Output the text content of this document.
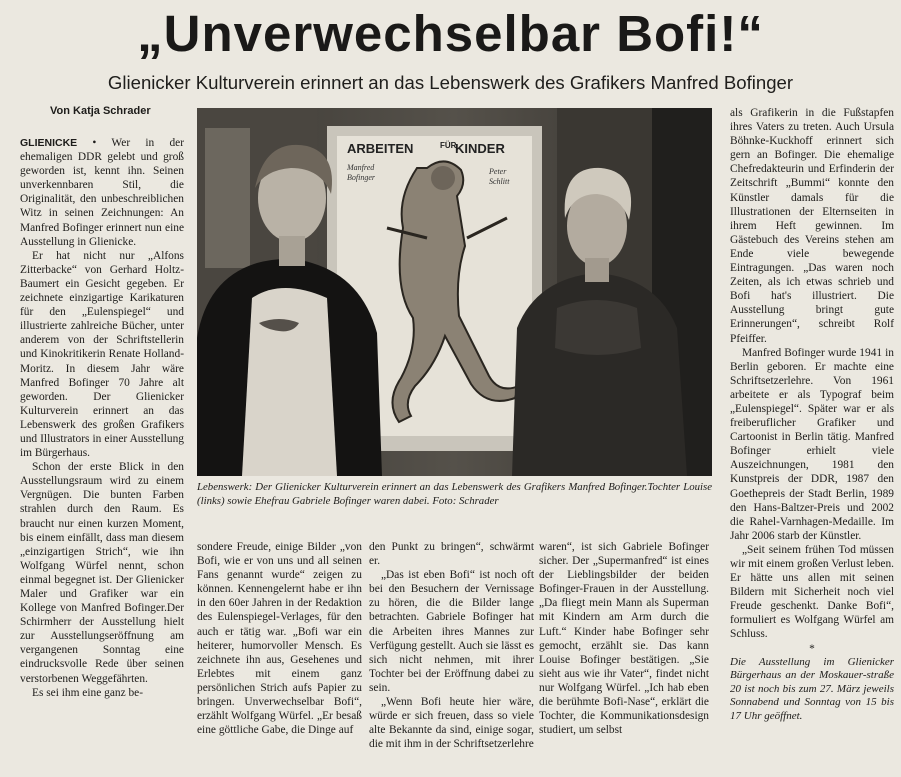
„Unverwechselbar Bofi!“
Glienicker Kulturverein erinnert an das Lebenswerk des Grafikers Manfred Bofinger
Von Katja Schrader

GLIENICKE • Wer in der ehemaligen DDR gelebt und groß geworden ist, kennt ihn. Seinen unverkennbaren Stil, die Originalität, den unbeschreiblichen Witz in seinen Zeichnungen: An Manfred Bofinger erinnert nun eine Ausstellung in Glienicke.

Er hat nicht nur „Alfons Zitterbacke“ von Gerhard Holtz-Baumert ein Gesicht gegeben. Er zeichnete einzigartige Karikaturen für den „Eulenspiegel“ und illustrierte zahlreiche Bücher, unter anderem von der Schriftstellerin und Kinokritikerin Renate Holland-Moritz. In diesem Jahr wäre Manfred Bofinger 70 Jahre alt geworden. Der Glienicker Kulturverein erinnert an das Lebenswerk des großen Grafikers und Illustrators in einer Ausstellung im Bürgerhaus.

Schon der erste Blick in den Ausstellungsraum wird zu einem Vergnügen. Die bunten Farben strahlen durch den Raum. Es braucht nur einen kurzen Moment, bis einem einfällt, dass man diesem „einzigartigen Strich“, wie ihn Wolfgang Würfel nennt, schon einmal begegnet ist. Der Glienicker Maler und Grafiker war ein Kollege von Manfred Bofinger.Der Schirmherr der Ausstellung hielt zur Ausstellungseröffnung am vergangenen Sonntag eine eindrucksvolle Rede über seinen verstorbenen Weggefährten.

Es sei ihm eine ganz be-

ARBEITEN	FÜR
KINDER
Manfred
Bofinger
Peter
Schlitt
Lebenswerk: Der Glienicker Kulturverein erinnert an das Lebenswerk des Grafikers Manfred Bofinger.Tochter Louise (links) sowie Ehefrau Gabriele Bofinger waren dabei. Foto: Schrader

sondere Freude, einige Bilder „von Bofi, wie er von uns und all seinen Fans genannt wurde“ zeigen zu können. Kennengelernt habe er ihn in den 60er Jahren in der Redaktion des Eulenspiegel-Verlages, für den auch er tätig war. „Bofi war ein heiterer, humorvoller Mensch. Es zeichnete ihn aus, Gesehenes und Erlebtes mit einem ganz persönlichen Strich aufs Papier zu bringen. Unverwechselbar Bofi“, erzählt Wolfgang Würfel. „Er besaß eine göttliche Gabe, die Dinge auf

den Punkt zu bringen“, schwärmt er.

„Das ist eben Bofi“ ist noch oft bei den Besuchern der Vernissage zu hören, die die Bilder lange betrachten. Gabriele Bofinger hat die Arbeiten ihres Mannes zur Verfügung gestellt. Auch sie lässt es sich nicht nehmen, mit ihrer Tochter bei der Eröffnung dabei zu sein.

„Wenn Bofi heute hier wäre, würde er sich freuen, dass so viele alte Bekannte da sind, einige sogar, die mit ihm in der Schriftsetzerlehre

waren“, ist sich Gabriele Bofinger sicher. Der „Supermanfred“ ist eines der Lieblingsbilder der beiden Bofinger-Frauen in der Ausstellung. „Da fliegt mein Mann als Superman mit Kindern am Arm durch die Luft.“ Kinder habe Bofinger sehr gemocht, erzählt sie. Das kann Louise Bofinger bestätigen. „Sie sieht aus wie ihr Vater“, findet nicht nur Wolfgang Würfel. „Ich hab eben die berühmte Bofi-Nase“, erklärt die Tochter, die Kommunikationsdesign studiert, um selbst

als Grafikerin in die Fußstapfen ihres Vaters zu treten. Auch Ursula Böhnke-Kuckhoff erinnert sich gern an Bofinger. Die ehemalige Chefredakteurin und Erfinderin der Zeitschrift „Bummi“ konnte den Künstler damals für die Illustrationen der Elternseiten in ihrem Heft gewinnen. Im Gästebuch des Vereins stehen am Ende viele bewegende Eintragungen. „Das waren noch Zeiten, als ich etwas schrieb und Bofi hat's illustriert. Die Ausstellung bringt gute Erinnerungen“, schreibt Rolf Pfeiffer.

Manfred Bofinger wurde 1941 in Berlin geboren. Er machte eine Schriftsetzerlehre. Von 1961 arbeitete er als Typograf beim „Eulenspiegel“. Später war er als freiberuflicher Grafiker und Cartoonist in Berlin tätig. Manfred Bofinger erhielt viele Auszeichnungen, 1981 den Kunstpreis der DDR, 1987 den Goethepreis der Stadt Berlin, 1989 den Hans-Baltzer-Preis und 2002 die Rahel-Varnhagen-Medaille. Im Jahr 2006 starb der Künstler.

„Seit seinem frühen Tod müssen wir mit einem großen Verlust leben. Er hätte uns allen mit seinen Bildern mit Sicherheit noch viel Freude geschenkt. Danke Bofi“, formuliert es Wolfgang Würfel am Schluss.

*

Die Ausstellung im Glienicker Bürgerhaus an der Moskauer-straße 20 ist noch bis zum 27. März jeweils Sonnabend und Sonntag von 15 bis 17 Uhr geöffnet.
